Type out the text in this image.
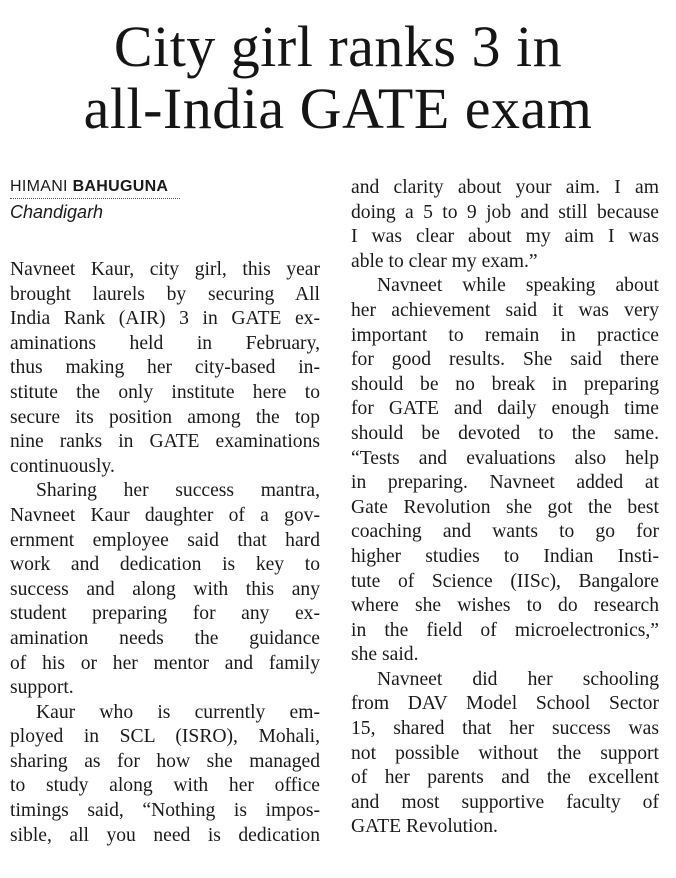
City girl ranks 3 in
all-India GATE exam
HIMANI BAHUGUNA
Chandigarh
Navneet Kaur, city girl, this year
brought laurels by securing All
India Rank (AIR) 3 in GATE ex-
aminations held in February,
thus making her city-based in-
stitute the only institute here to
secure its position among the top
nine ranks in GATE examinations
continuously.
Sharing her success mantra,
Navneet Kaur daughter of a gov-
ernment employee said that hard
work and dedication is key to
success and along with this any
student preparing for any ex-
amination needs the guidance
of his or her mentor and family
support.
Kaur who is currently em-
ployed in SCL (ISRO), Mohali,
sharing as for how she managed
to study along with her office
timings said, “Nothing is impos-
sible, all you need is dedication
and clarity about your aim. I am
doing a 5 to 9 job and still because
I was clear about my aim I was
able to clear my exam.”
Navneet while speaking about
her achievement said it was very
important to remain in practice
for good results. She said there
should be no break in preparing
for GATE and daily enough time
should be devoted to the same.
“Tests and evaluations also help
in preparing. Navneet added at
Gate Revolution she got the best
coaching and wants to go for
higher studies to Indian Insti-
tute of Science (IISc), Bangalore
where she wishes to do research
in the field of microelectronics,”
she said.
Navneet did her schooling
from DAV Model School Sector
15, shared that her success was
not possible without the support
of her parents and the excellent
and most supportive faculty of
GATE Revolution.
